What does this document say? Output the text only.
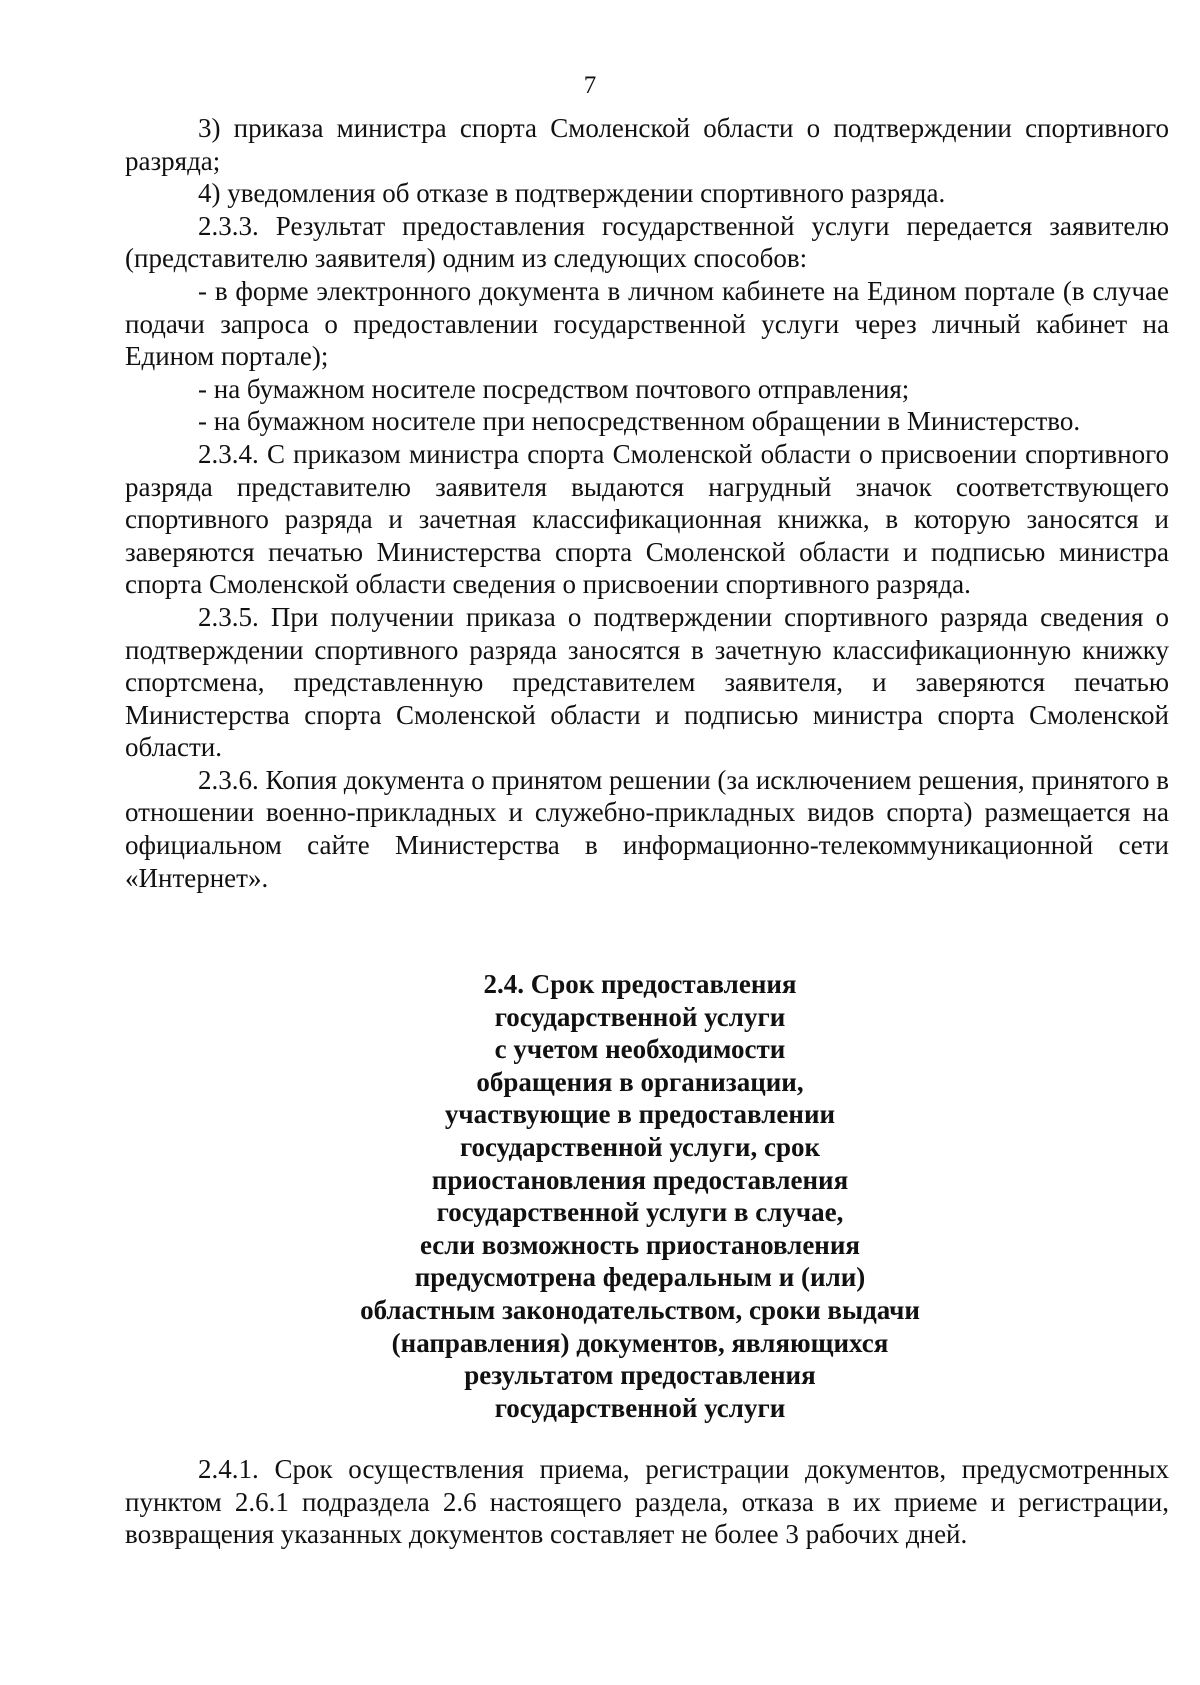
7

3) приказа министра спорта Смоленской области о подтверждении спортивного разряда;

4) уведомления об отказе в подтверждении спортивного разряда.

2.3.3. Результат предоставления государственной услуги передается заявителю (представителю заявителя) одним из следующих способов:

- в форме электронного документа в личном кабинете на Едином портале (в случае подачи запроса о предоставлении государственной услуги через личный кабинет на Едином портале);

- на бумажном носителе посредством почтового отправления;

- на бумажном носителе при непосредственном обращении в Министерство.

2.3.4. С приказом министра спорта Смоленской области о присвоении спортивного разряда представителю заявителя выдаются нагрудный значок соответствующего спортивного разряда и зачетная классификационная книжка, в которую заносятся и заверяются печатью Министерства спорта Смоленской области и подписью министра спорта Смоленской области сведения о присвоении спортивного разряда.

2.3.5. При получении приказа о подтверждении спортивного разряда сведения о подтверждении спортивного разряда заносятся в зачетную классификационную книжку спортсмена, представленную представителем заявителя, и заверяются печатью Министерства спорта Смоленской области и подписью министра спорта Смоленской области.

2.3.6. Копия документа о принятом решении (за исключением решения, принятого в отношении военно-прикладных и служебно-прикладных видов спорта) размещается на официальном сайте Министерства в информационно-телекоммуникационной сети «Интернет».

2.4. Срок предоставления
государственной услуги
с учетом необходимости
обращения в организации,
участвующие в предоставлении
государственной услуги, срок
приостановления предоставления
государственной услуги в случае,
если возможность приостановления
предусмотрена федеральным и (или)
областным законодательством, сроки выдачи
(направления) документов, являющихся
результатом предоставления
государственной услуги

2.4.1. Срок осуществления приема, регистрации документов, предусмотренных пунктом 2.6.1 подраздела 2.6 настоящего раздела, отказа в их приеме и регистрации, возвращения указанных документов составляет не более 3 рабочих дней.
